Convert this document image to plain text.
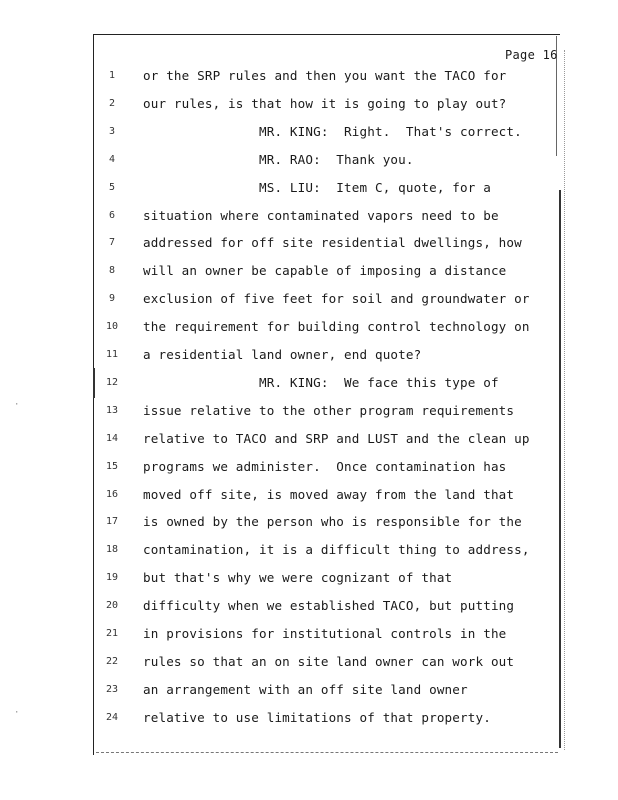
·
·
Page 16
1	or the SRP rules and then you want the TACO for
2	our rules, is that how it is going to play out?
3	MR. KING:  Right.  That's correct.
4	MR. RAO:  Thank you.
5	MS. LIU:  Item C, quote, for a
6	situation where contaminated vapors need to be
7	addressed for off site residential dwellings, how
8	will an owner be capable of imposing a distance
9	exclusion of five feet for soil and groundwater or
10	the requirement for building control technology on
11	a residential land owner, end quote?
12	MR. KING:  We face this type of
13	issue relative to the other program requirements
14	relative to TACO and SRP and LUST and the clean up
15	programs we administer.  Once contamination has
16	moved off site, is moved away from the land that
17	is owned by the person who is responsible for the
18	contamination, it is a difficult thing to address,
19	but that's why we were cognizant of that
20	difficulty when we established TACO, but putting
21	in provisions for institutional controls in the
22	rules so that an on site land owner can work out
23	an arrangement with an off site land owner
24	relative to use limitations of that property.
